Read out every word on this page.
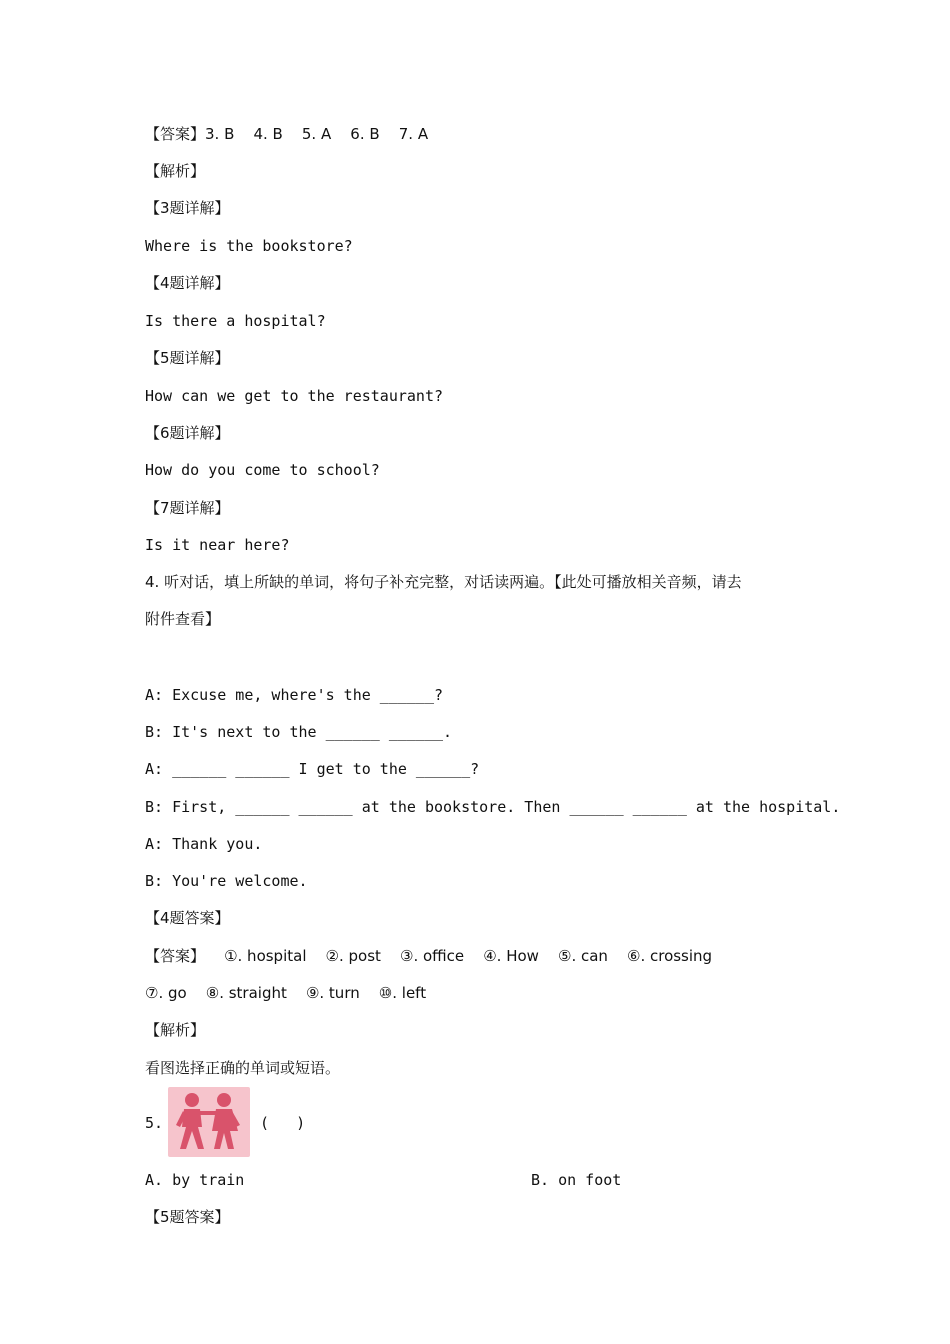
【答案】3. B    4. B    5. A    6. B    7. A
【解析】
【3题详解】
Where is the bookstore?
【4题详解】
Is there a hospital?
【5题详解】
How can we get to the restaurant?
【6题详解】
How do you come to school?
【7题详解】
Is it near here?
4. 听对话，填上所缺的单词，将句子补充完整，对话读两遍。【此处可播放相关音频，请去
附件查看】
A: Excuse me, where's the ______?
B: It's next to the ______ ______.
A: ______ ______ I get to the ______?
B: First, ______ ______ at the bookstore. Then ______ ______ at the hospital.
A: Thank you.
B: You're welcome.
【4题答案】
【答案】    ①. hospital    ②. post    ③. office    ④. How    ⑤. can    ⑥. crossing
⑦. go    ⑧. straight    ⑨. turn    ⑩. left
【解析】
看图选择正确的单词或短语。
5.	(   )
A. by train	B. on foot
【5题答案】
